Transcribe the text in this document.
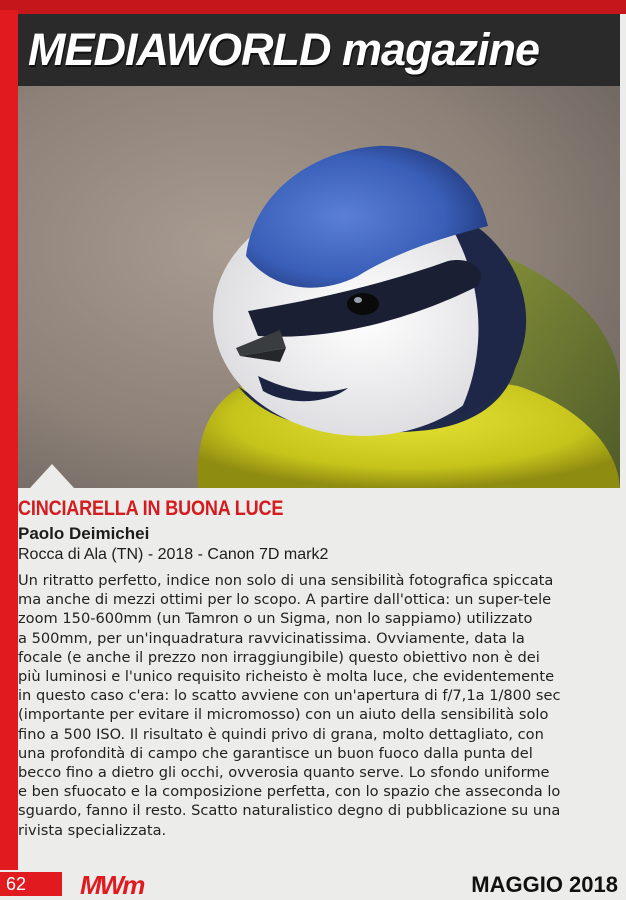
MEDIAWORLD magazine
CINCIARELLA IN BUONA LUCE

Paolo Deimichei

Rocca di Ala (TN) - 2018 - Canon 7D mark2

Un ritratto perfetto, indice non solo di una sensibilità fotografica spiccata
ma anche di mezzi ottimi per lo scopo. A partire dall'ottica: un super-tele
zoom 150-600mm (un Tamron o un Sigma, non lo sappiamo) utilizzato
a 500mm, per un'inquadratura ravvicinatissima. Ovviamente, data la
focale (e anche il prezzo non irraggiungibile) questo obiettivo non è dei
più luminosi e l'unico requisito richeisto è molta luce, che evidentemente
in questo caso c'era: lo scatto avviene con un'apertura di f/7,1a 1/800 sec
(importante per evitare il micromosso) con un aiuto della sensibilità solo
fino a 500 ISO. Il risultato è quindi privo di grana, molto dettagliato, con
una profondità di campo che garantisce un buon fuoco dalla punta del
becco fino a dietro gli occhi, ovverosia quanto serve. Lo sfondo uniforme
e ben sfuocato e la composizione perfetta, con lo spazio che asseconda lo
sguardo, fanno il resto. Scatto naturalistico degno di pubblicazione su una
rivista specializzata.
62	MWm	MAGGIO 2018
